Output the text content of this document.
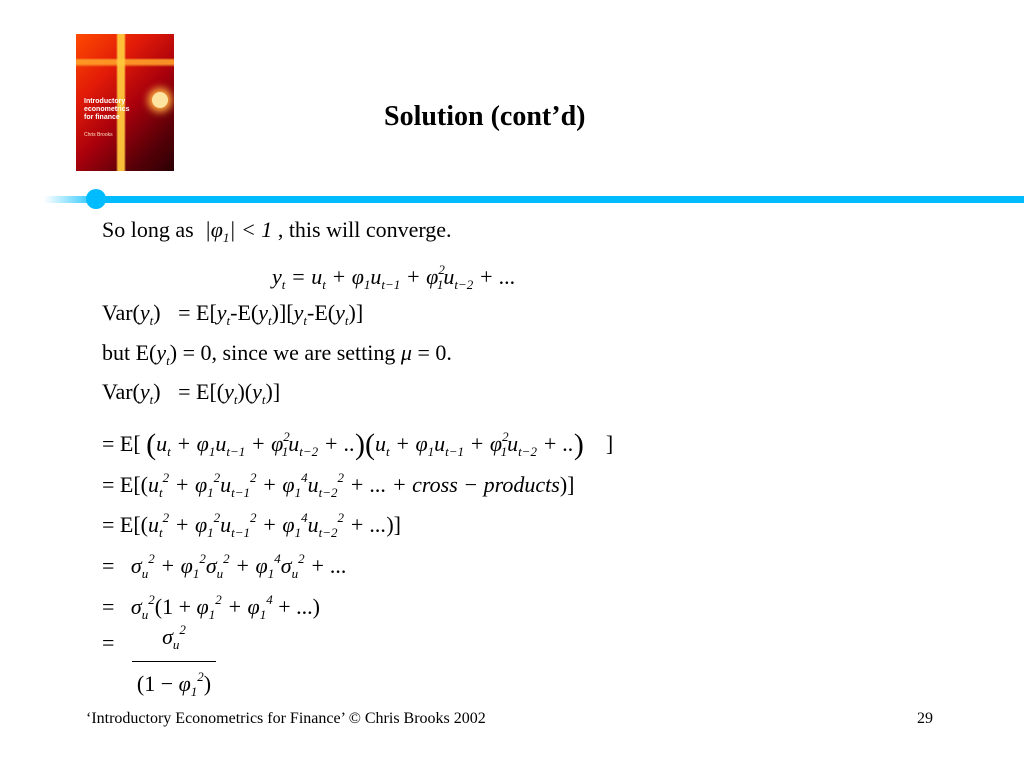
Introductory
econometrics
for finance
Chris Brooks
Solution (cont’d)
So long as  $|\varphi_1| < 1$ , this will converge.
$y_t = u_t + \varphi_1u_{t-1} + \varphi^2_1u_{t-2}$ + ...
$Var(y_t) = E[y_t-E(y_t)][y_t-E(y_t)]$
but $E(y_t) = 0$, since we are setting μ = 0.
$Var(y_t) = E[(y_t)(y_t)]$
= E[ $(u_t + \varphi_1u_{t-1} + \varphi^2_1u_{t-2} + ..)(u_t + \varphi_1u_{t-1} + \varphi^2_1u_{t-2}$ + ..)    ]
= $E[(u_t^2 + \varphi_1^2u_{t-1}^2 + \varphi_1^4u_{t-2}^2$ + ... + cross − products)]
= $E[(u_t^2 + \varphi_1^2u_{t-1}^2 + \varphi_1^4u_{t-2}^2$ + ...)]
=   $\sigma_u^2 + \varphi_1^2\sigma_u^2 + \varphi_1^4\sigma_u^2$ + ...
=   $\sigma_u^2(1 + \varphi_1^2 + \varphi_1^4$ + ...)
=	$\sigma_u^2$
$(1 - \varphi_1^2)$
‘Introductory Econometrics for Finance’ © Chris Brooks 2002	29
